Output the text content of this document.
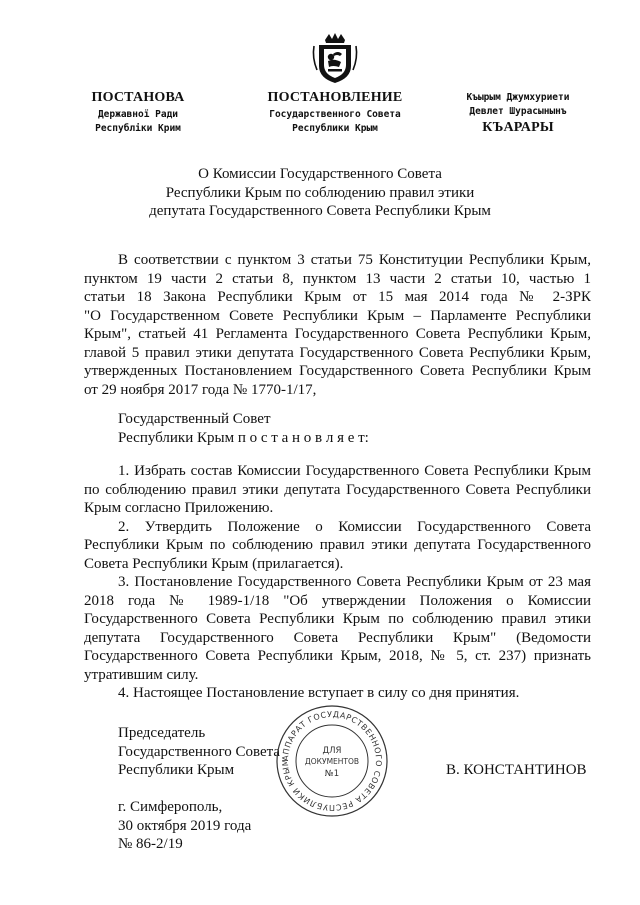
ПОСТАНОВА
Державної Ради
Республіки Крим
ПОСТАНОВЛЕНИЕ
Государственного Совета
Республики Крым
Къырым Джумхуриети
Девлет Шурасынынъ
КЪАРАРЫ
О Комиссии Государственного Совета
Республики Крым по соблюдению правил этики
депутата Государственного Совета Республики Крым
В соответствии с пунктом 3 статьи 75 Конституции Республики Крым,
пунктом 19 части 2 статьи 8, пунктом 13 части 2 статьи 10, частью 1
статьи 18 Закона Республики Крым от 15 мая 2014 года № 2-ЗРК
"О Государственном Совете Республики Крым – Парламенте Республики
Крым", статьей 41 Регламента Государственного Совета Республики Крым,
главой 5 правил этики депутата Государственного Совета Республики Крым,
утвержденных Постановлением Государственного Совета Республики Крым
от 29 ноября 2017 года № 1770-1/17,
Государственный Совет
Республики Крым п о с т а н о в л я е т:
1. Избрать состав Комиссии Государственного Совета Республики Крым
по соблюдению правил этики депутата Государственного Совета Республики
Крым согласно Приложению.
2. Утвердить Положение о Комиссии Государственного Совета
Республики Крым по соблюдению правил этики депутата Государственного
Совета Республики Крым (прилагается).
3. Постановление Государственного Совета Республики Крым от 23 мая
2018 года № 1989-1/18 "Об утверждении Положения о Комиссии
Государственного Совета Республики Крым по соблюдению правил этики
депутата Государственного Совета Республики Крым" (Ведомости
Государственного Совета Республики Крым, 2018, № 5, ст. 237) признать
утратившим силу.
4. Настоящее Постановление вступает в силу со дня принятия.
Председатель
Государственного Совета
Республики Крым	В. КОНСТАНТИНОВ
АППАРАТ ГОСУДАРСТВЕННОГО СОВЕТА РЕСПУБЛИКИ КРЫМ
ДЛЯ
ДОКУМЕНТОВ
№1
г. Симферополь,
30 октября 2019 года
№ 86-2/19
